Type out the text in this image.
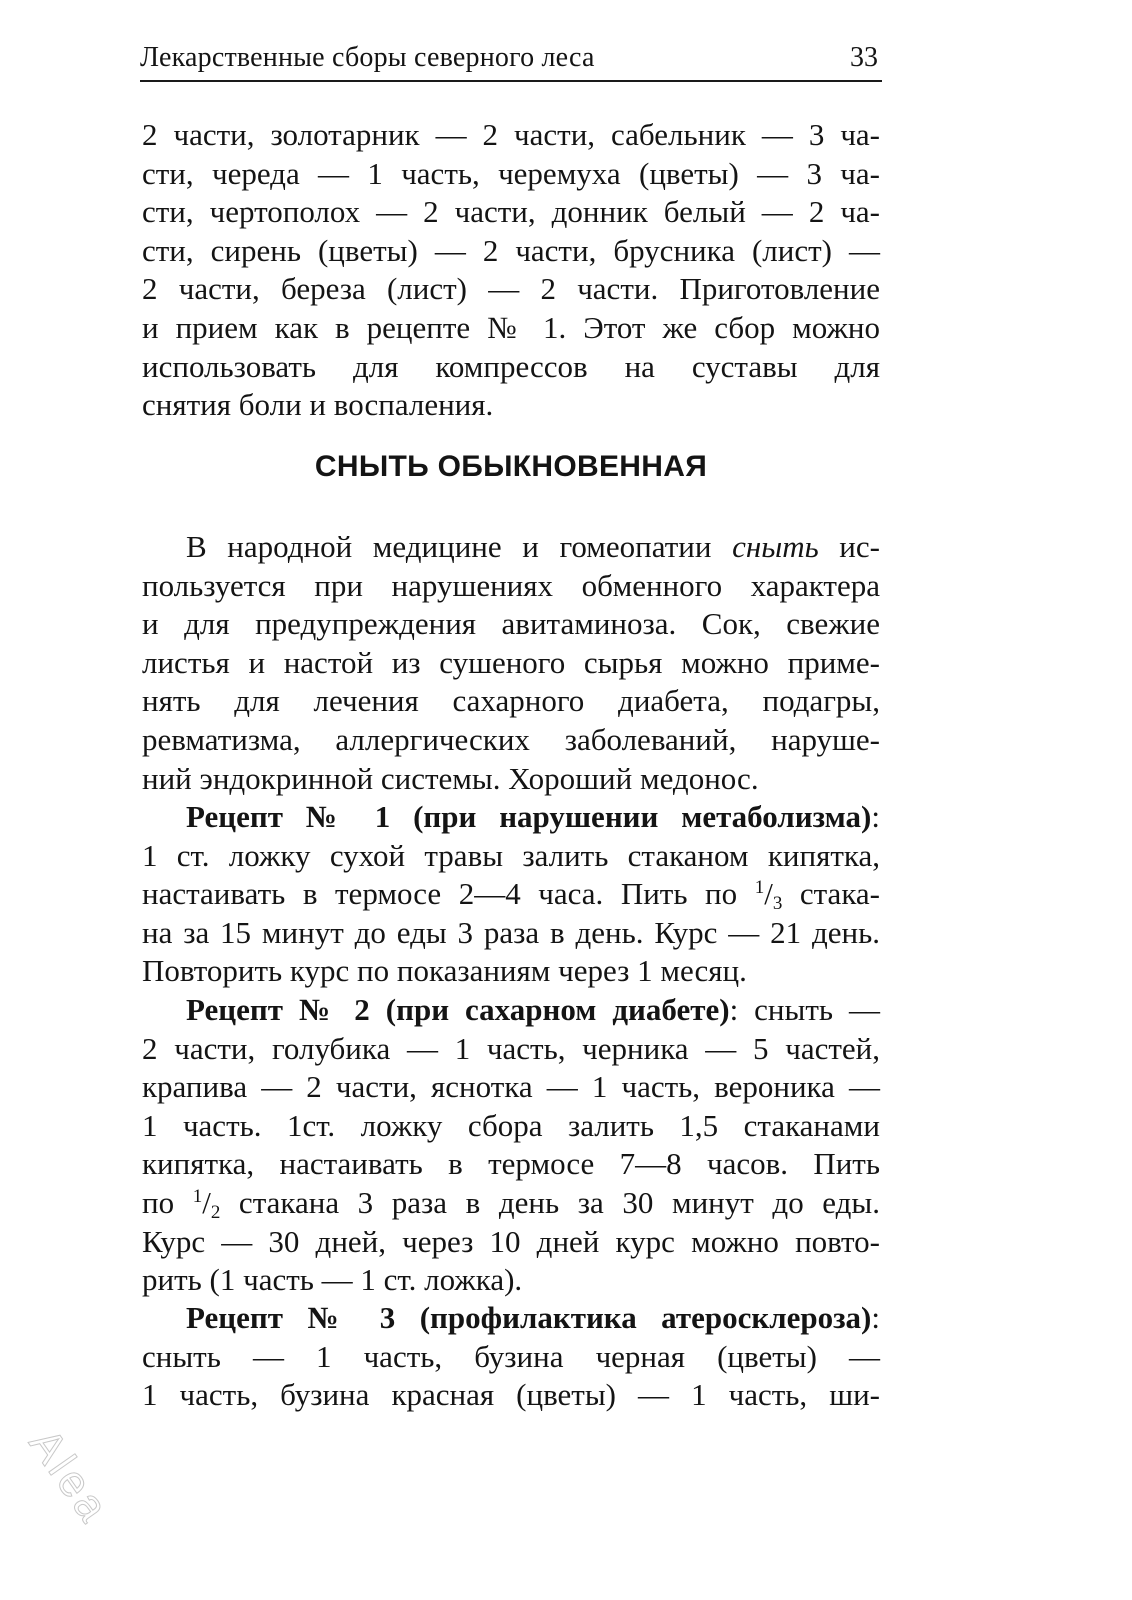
Лекарственные сборы северного леса	33
2 части, золотарник — 2 части, сабельник — 3 ча-
сти, череда — 1 часть, черемуха (цветы) — 3 ча-
сти, чертополох — 2 части, донник белый — 2 ча-
сти, сирень (цветы) — 2 части, брусника (лист) —
2 части, береза (лист) — 2 части. Приготовление
и прием как в рецепте № 1. Этот же сбор можно
использовать для компрессов на суставы для
снятия боли и воспаления.
СНЫТЬ ОБЫКНОВЕННАЯ
В народной медицине и гомеопатии сныть ис-
пользуется при нарушениях обменного характера
и для предупреждения авитаминоза. Сок, свежие
листья и настой из сушеного сырья можно приме-
нять для лечения сахарного диабета, подагры,
ревматизма, аллергических заболеваний, наруше-
ний эндокринной системы. Хороший медонос.
Рецепт № 1 (при нарушении метаболизма):
1 ст. ложку сухой травы залить стаканом кипятка,
настаивать в термосе 2—4 часа. Пить по $^1/_3$ стака-
на за 15 минут до еды 3 раза в день. Курс — 21 день.
Повторить курс по показаниям через 1 месяц.
Рецепт № 2 (при сахарном диабете): сныть —
2 части, голубика — 1 часть, черника — 5 частей,
крапива — 2 части, яснотка — 1 часть, вероника —
1 часть. 1ст. ложку сбора залить 1,5 стаканами
кипятка, настаивать в термосе 7—8 часов. Пить
по $^1/_2$ стакана 3 раза в день за 30 минут до еды.
Курс — 30 дней, через 10 дней курс можно повто-
рить (1 часть — 1 ст. ложка).
Рецепт № 3 (профилактика атеросклероза):
сныть — 1 часть, бузина черная (цветы) —
1 часть, бузина красная (цветы) — 1 часть, ши-
Alea
